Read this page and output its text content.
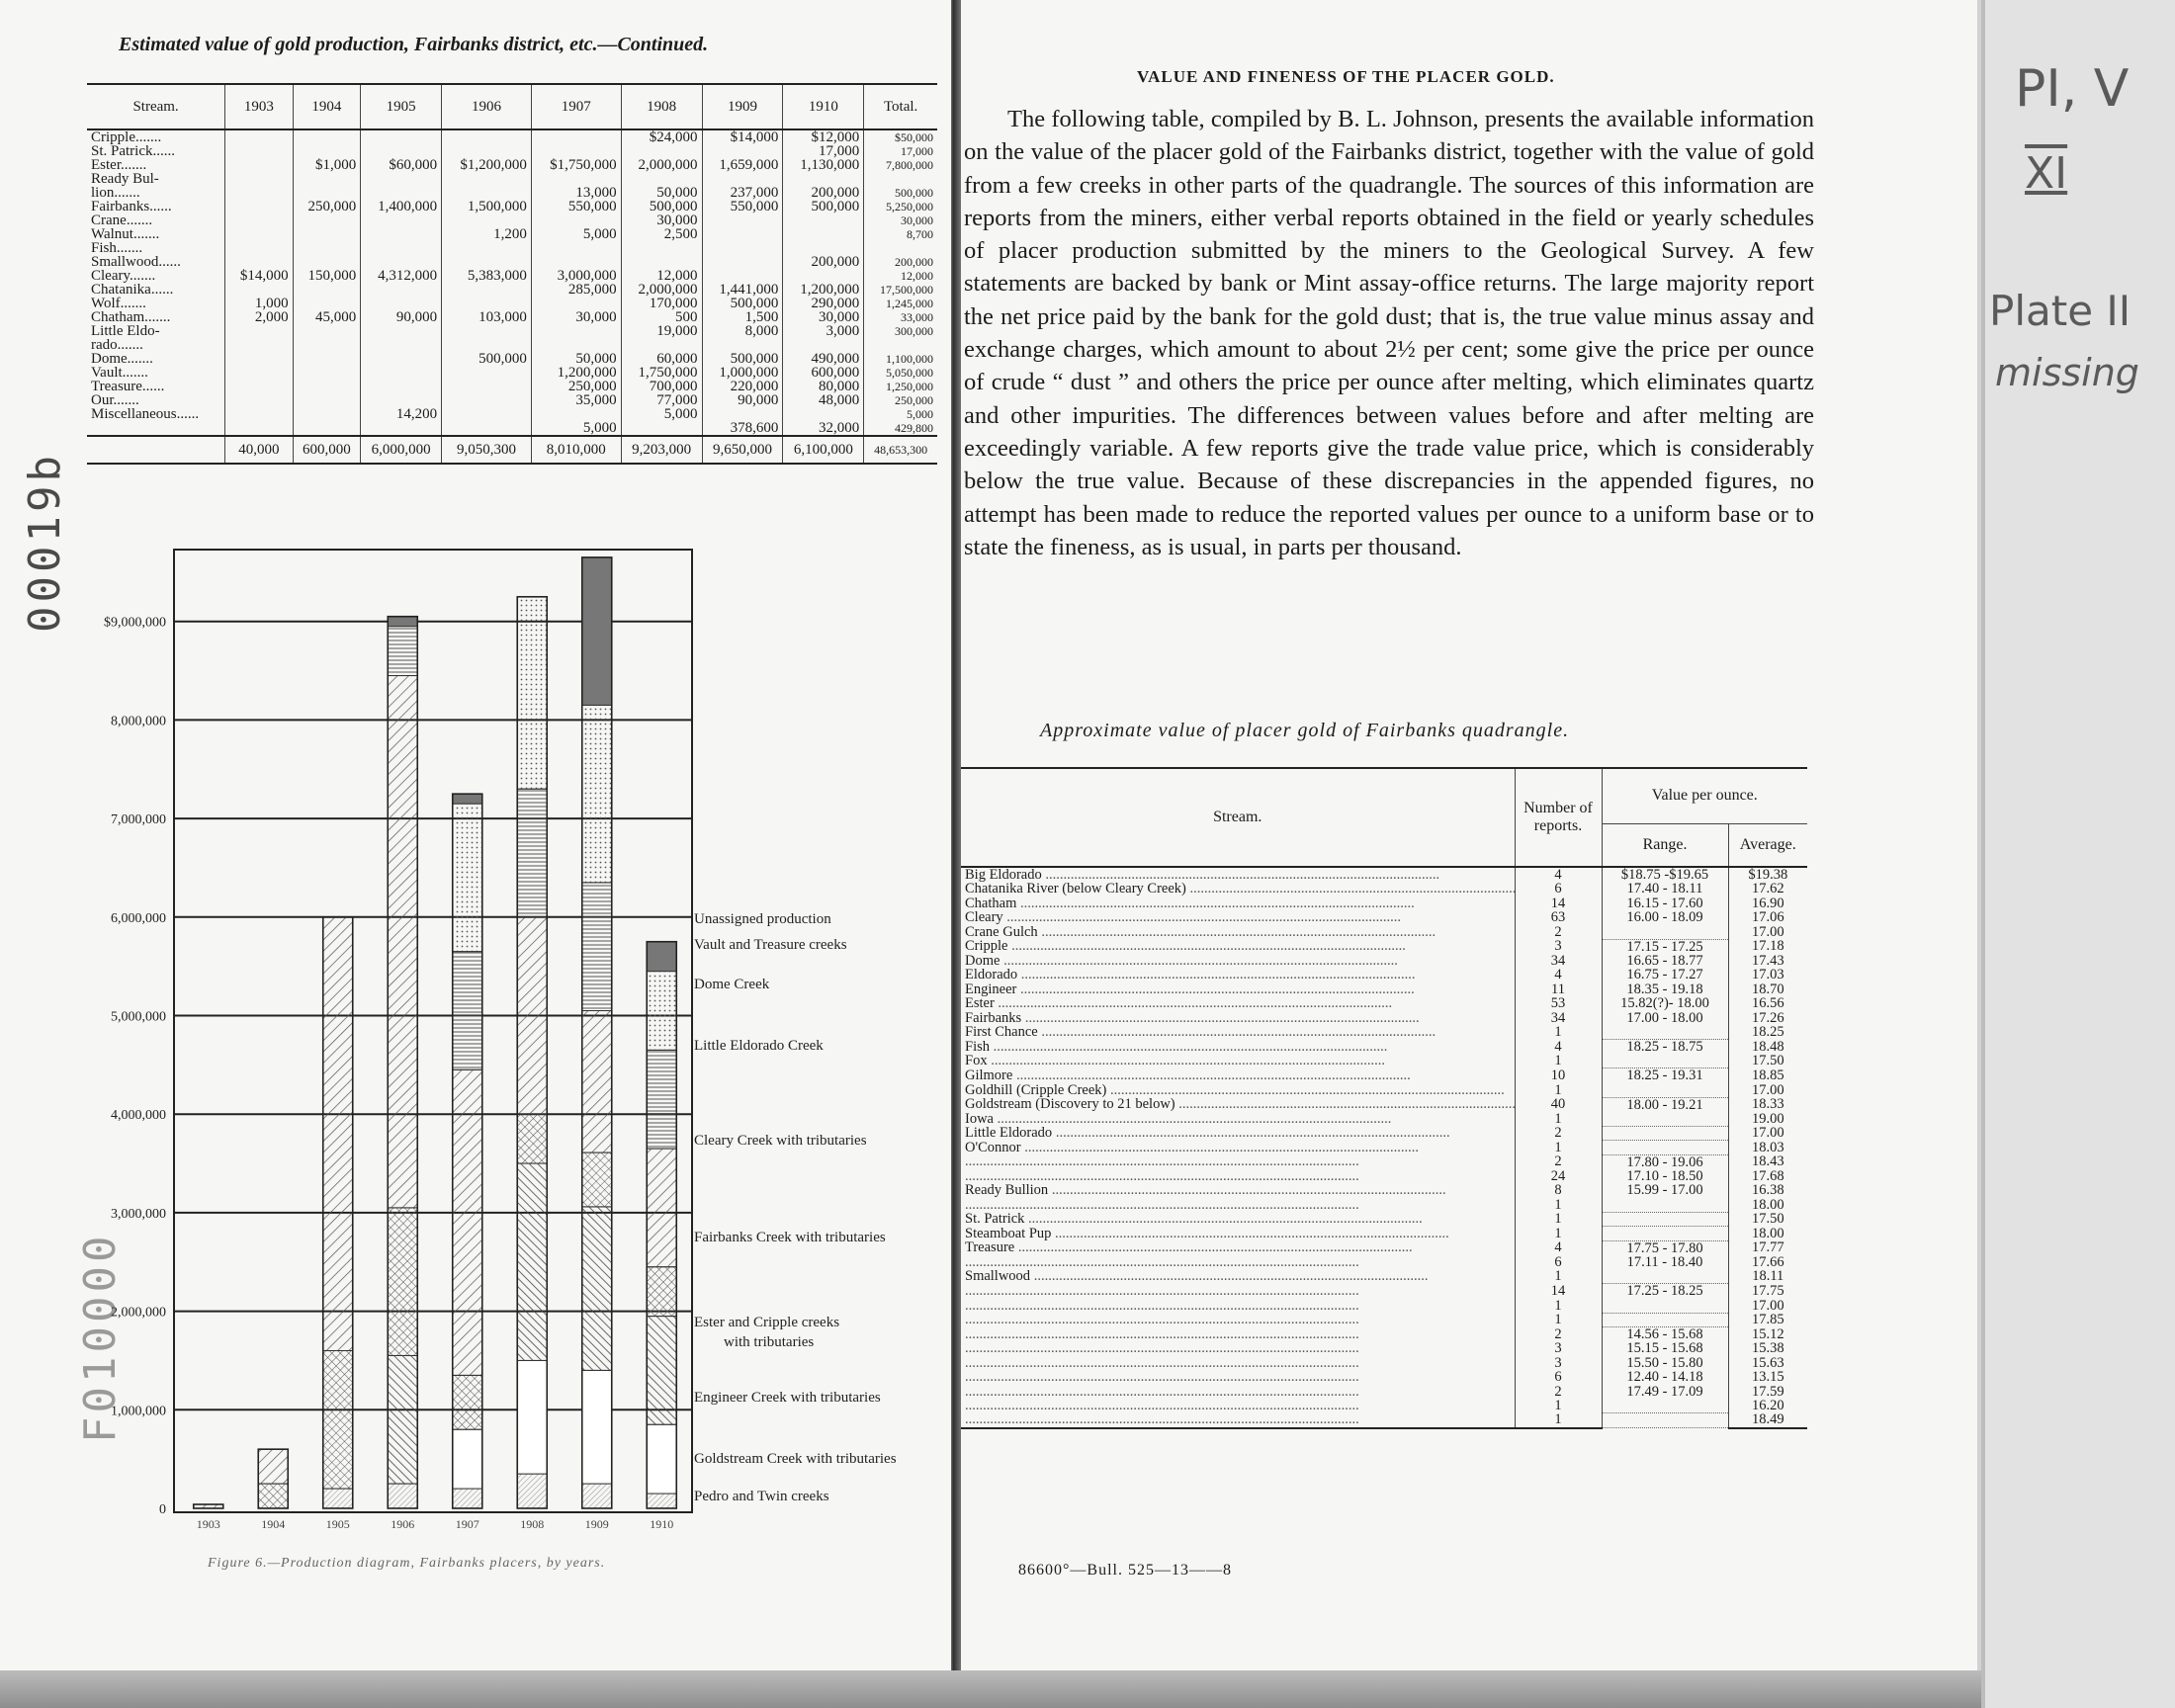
PI, V
XI
Plate II
missing
00019b
F010000
Estimated value of gold production, Fairbanks district, etc.—Continued.
Stream.	1903	1904	1905	1906	1907	1908	1909	1910	Total.
Cripple.......						$24,000	$14,000	$12,000	$50,000
St. Patrick......								17,000	17,000
Ester.......		$1,000	$60,000	$1,200,000	$1,750,000	2,000,000	1,659,000	1,130,000	7,800,000
Ready Bul-									
lion.......					13,000	50,000	237,000	200,000	500,000
Fairbanks......		250,000	1,400,000	1,500,000	550,000	500,000	550,000	500,000	5,250,000
Crane.......						30,000			30,000
Walnut.......				1,200	5,000	2,500			8,700
Fish.......									
Smallwood......								200,000	200,000
Cleary.......	$14,000	150,000	4,312,000	5,383,000	3,000,000	12,000			12,000
Chatanika......					285,000	2,000,000	1,441,000	1,200,000	17,500,000
Wolf.......	1,000					170,000	500,000	290,000	1,245,000
Chatham.......	2,000	45,000	90,000	103,000	30,000	500	1,500	30,000	33,000
Little Eldo-						19,000	8,000	3,000	300,000
rado.......									
Dome.......				500,000	50,000	60,000	500,000	490,000	1,100,000
Vault.......					1,200,000	1,750,000	1,000,000	600,000	5,050,000
Treasure......					250,000	700,000	220,000	80,000	1,250,000
Our.......					35,000	77,000	90,000	48,000	250,000
Miscellaneous......			14,200			5,000			5,000
					5,000		378,600	32,000	429,800
	40,000	600,000	6,000,000	9,050,300	8,010,000	9,203,000	9,650,000	6,100,000	48,653,300
0
1,000,000
2,000,000
3,000,000
4,000,000
5,000,000
6,000,000
7,000,000
8,000,000
$9,000,000
1903	1904	1905	1906	1907	1908	1909	1910
Unassigned production
Vault and Treasure creeks
Dome Creek
Little Eldorado Creek
Cleary Creek with tributaries
Fairbanks Creek with tributaries
Ester and Cripple creeks
with tributaries
Engineer Creek with tributaries
Goldstream Creek with tributaries
Pedro and Twin creeks
Figure 6.—Production diagram, Fairbanks placers, by years.
VALUE AND FINENESS OF THE PLACER GOLD.

The following table, compiled by B. L. Johnson, presents the available information on the value of the placer gold of the Fairbanks district, together with the value of gold from a few creeks in other parts of the quadrangle. The sources of this information are reports from the miners, either verbal reports obtained in the field or yearly schedules of placer production submitted by the miners to the Geological Survey. A few statements are backed by bank or Mint assay-office returns. The large majority report the net price paid by the bank for the gold dust; that is, the true value minus assay and exchange charges, which amount to about 2½ per cent; some give the price per ounce of crude “ dust ” and others the price per ounce after melting, which eliminates quartz and other impurities. The differences between values before and after melting are exceedingly variable. A few reports give the trade value price, which is considerably below the true value. Because of these discrepancies in the appended figures, no attempt has been made to reduce the reported values per ounce to a uniform base or to state the fineness, as is usual, in parts per thousand.

Approximate value of placer gold of Fairbanks quadrangle.
Stream.	Number of reports.	Value per ounce.	
		Range.	Average.
Big Eldorado .....	4	$18.75 -$19.65	$19.38
Chatanika River (below Cleary Creek) .....	6	17.40 - 18.11	17.62
Chatham .....	14	16.15 - 17.60	16.90
Cleary .....	63	16.00 - 18.09	17.06
Crane Gulch .....	2		17.00
Cripple .....	3	17.15 - 17.25	17.18
Dome .....	34	16.65 - 18.77	17.43
Eldorado .....	4	16.75 - 17.27	17.03
Engineer .....	11	18.35 - 19.18	18.70
Ester .....	53	15.82(?)- 18.00	16.56
Fairbanks .....	34	17.00 - 18.00	17.26
First Chance .....	1		18.25
Fish .....	4	18.25 - 18.75	18.48
Fox .....	1		17.50
Gilmore .....	10	18.25 - 19.31	18.85
Goldhill (Cripple Creek) .....	1		17.00
Goldstream (Discovery to 21 below) .....	40	18.00 - 19.21	18.33
Iowa .....	1		19.00
Little Eldorado .....	2		17.00
O'Connor .....	1		18.03
.....	2	17.80 - 19.06	18.43
.....	24	17.10 - 18.50	17.68
Ready Bullion .....	8	15.99 - 17.00	16.38
.....	1		18.00
St. Patrick .....	1		17.50
Steamboat Pup .....	1		18.00
Treasure .....	4	17.75 - 17.80	17.77
.....	6	17.11 - 18.40	17.66
Smallwood .....	1		18.11
.....	14	17.25 - 18.25	17.75
.....	1		17.00
.....	1		17.85
.....	2	14.56 - 15.68	15.12
.....	3	15.15 - 15.68	15.38
.....	3	15.50 - 15.80	15.63
.....	6	12.40 - 14.18	13.15
.....	2	17.49 - 17.09	17.59
.....	1		16.20
.....	1		18.49
86600°—Bull. 525—13——8
